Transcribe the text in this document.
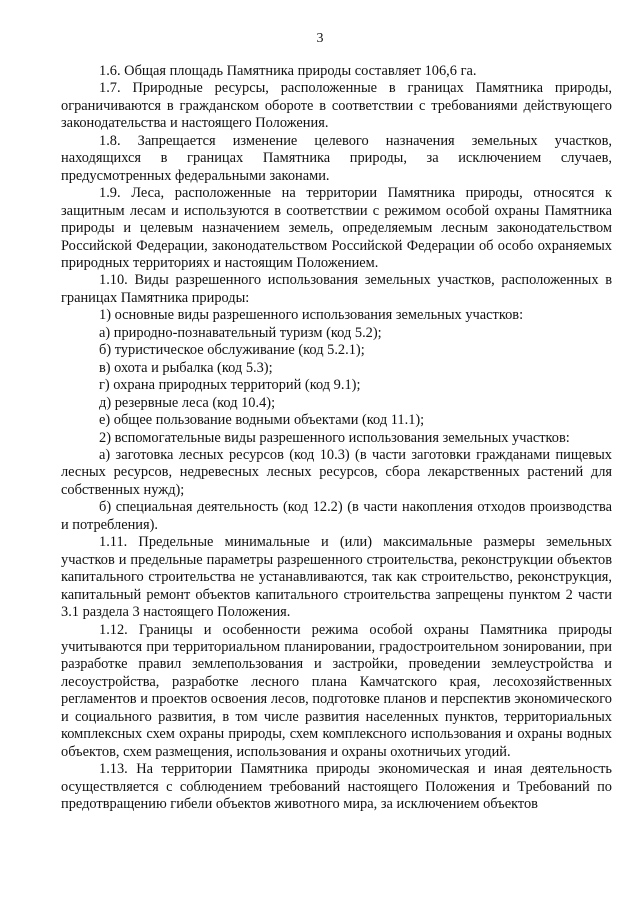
3

1.6. Общая площадь Памятника природы составляет 106,6 га.

1.7. Природные ресурсы, расположенные в границах Памятника природы, ограничиваются в гражданском обороте в соответствии с требованиями действующего законодательства и настоящего Положения.

1.8. Запрещается изменение целевого назначения земельных участков, находящихся в границах Памятника природы, за исключением случаев, предусмотренных федеральными законами.

1.9. Леса, расположенные на территории Памятника природы, относятся к защитным лесам и используются в соответствии с режимом особой охраны Памятника природы и целевым назначением земель, определяемым лесным законодательством Российской Федерации, законодательством Российской Федерации об особо охраняемых природных территориях и настоящим Положением.

1.10. Виды разрешенного использования земельных участков, расположенных в границах Памятника природы:

1) основные виды разрешенного использования земельных участков:

а) природно-познавательный туризм (код 5.2);

б) туристическое обслуживание (код 5.2.1);

в) охота и рыбалка (код 5.3);

г) охрана природных территорий (код 9.1);

д) резервные леса (код 10.4);

е) общее пользование водными объектами (код 11.1);

2) вспомогательные виды разрешенного использования земельных участков:

а) заготовка лесных ресурсов (код 10.3) (в части заготовки гражданами пищевых лесных ресурсов, недревесных лесных ресурсов, сбора лекарственных растений для собственных нужд);

б) специальная деятельность (код 12.2) (в части накопления отходов производства и потребления).

1.11. Предельные минимальные и (или) максимальные размеры земельных участков и предельные параметры разрешенного строительства, реконструкции объектов капитального строительства не устанавливаются, так как строительство, реконструкция, капитальный ремонт объектов капитального строительства запрещены пунктом 2 части 3.1 раздела 3 настоящего Положения.

1.12. Границы и особенности режима особой охраны Памятника природы учитываются при территориальном планировании, градостроительном зонировании, при разработке правил землепользования и застройки, проведении землеустройства и лесоустройства, разработке лесного плана Камчатского края, лесохозяйственных регламентов и проектов освоения лесов, подготовке планов и перспектив экономического и социального развития, в том числе развития населенных пунктов, территориальных комплексных схем охраны природы, схем комплексного использования и охраны водных объектов, схем размещения, использования и охраны охотничьих угодий.

1.13. На территории Памятника природы экономическая и иная деятельность осуществляется с соблюдением требований настоящего Положения и Требований по предотвращению гибели объектов животного мира, за исключением объектов
